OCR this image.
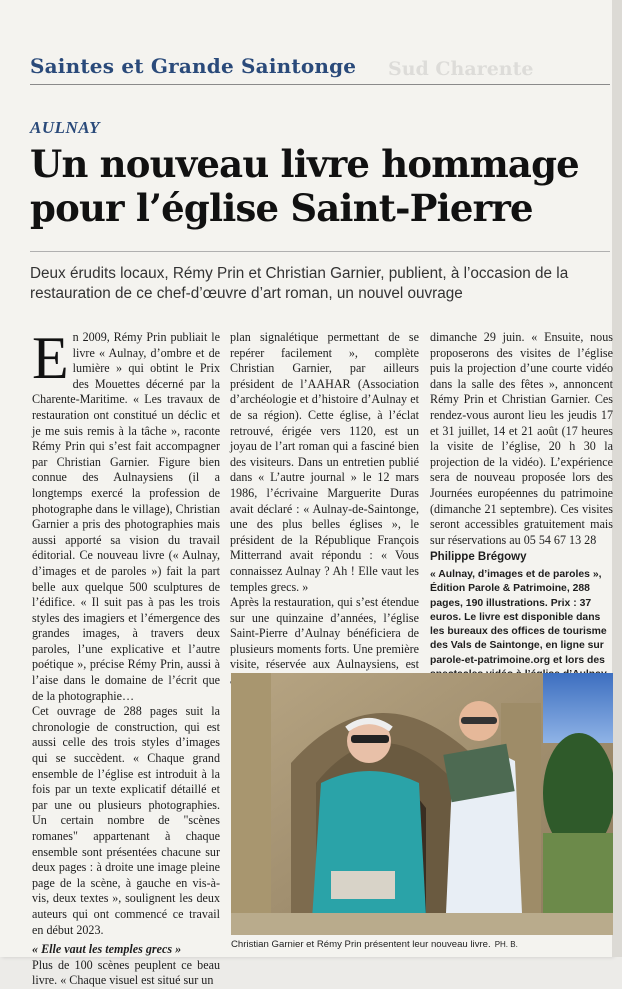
Sud Charente
Saintes et Grande Saintonge
AULNAY
Un nouveau livre hommage
pour l’église Saint-Pierre
Deux érudits locaux, Rémy Prin et Christian Garnier, publient, à l’occasion de la restauration de ce chef-d’œuvre d’art roman, un nouvel ouvrage

En 2009, Rémy Prin publiait le livre « Aulnay, d’ombre et de lumière » qui obtint le Prix des Mouettes décerné par la Charente-Maritime. « Les travaux de restauration ont constitué un déclic et je me suis remis à la tâche », raconte Rémy Prin qui s’est fait accompagner par Christian Garnier. Figure bien connue des Aulnaysiens (il a longtemps exercé la profession de photographe dans le village), Christian Garnier a pris des photographies mais aussi apporté sa vision du travail éditorial. Ce nouveau livre (« Aulnay, d’images et de paroles ») fait la part belle aux quelque 500 sculptures de l’édifice. « Il suit pas à pas les trois styles des imagiers et l’émergence des grandes images, à travers deux paroles, l’une explicative et l’autre poétique », précise Rémy Prin, aussi à l’aise dans le domaine de l’écrit que de la photographie…

Cet ouvrage de 288 pages suit la chronologie de construction, qui est aussi celle des trois styles d’images qui se succèdent. « Chaque grand ensemble de l’église est introduit à la fois par un texte explicatif détaillé et par une ou plusieurs photographies. Un certain nombre de "scènes romanes" appartenant à chaque ensemble sont présentées chacune sur deux pages : à droite une image pleine page de la scène, à gauche en vis-à-vis, deux textes », soulignent les deux auteurs qui ont commencé ce travail en début 2023.

« Elle vaut les temples grecs »

Plus de 100 scènes peuplent ce beau livre. « Chaque visuel est situé sur un

plan signalétique permettant de se repérer facilement », complète Christian Garnier, par ailleurs président de l’AAHAR (Association d’archéologie et d’histoire d’Aulnay et de sa région). Cette église, à l’éclat retrouvé, érigée vers 1120, est un joyau de l’art roman qui a fasciné bien des visiteurs. Dans un entretien publié dans « L’autre journal » le 12 mars 1986, l’écrivaine Marguerite Duras avait déclaré : « Aulnay-de-Saintonge, une des plus belles églises », le président de la République François Mitterrand avait répondu : « Vous connaissez Aulnay ? Ah ! Elle vaut les temples grecs. »

Après la restauration, qui s’est étendue sur une quinzaine d’années, l’église Saint-Pierre d’Aulnay bénéficiera de plusieurs moments forts. Une première visite, réservée aux Aulnaysiens, est

dimanche 29 juin. « Ensuite, nous proposerons des visites de l’église puis la projection d’une courte vidéo dans la salle des fêtes », annoncent Rémy Prin et Christian Garnier. Ces rendez-vous auront lieu les jeudis 17 et 31 juillet, 14 et 21 août (17 heures la visite de l’église, 20 h 30 la projection de la vidéo). L’expérience sera de nouveau proposée lors des Journées européennes du patrimoine (dimanche 21 septembre). Ces visites seront accessibles gratuitement mais sur réservations au 05 54 67 13 28

Philippe Brégowy

« Aulnay, d’images et de paroles », Édition Parole & Patrimoine, 288 pages, 190 illustrations. Prix : 37 euros. Le livre est disponible dans les bureaux des offices de tourisme des Vals de Saintonge, en ligne sur parole-et-patrimoine.org et lors des

Christian Garnier et Rémy Prin présentent leur nouveau livre. PH. B.
